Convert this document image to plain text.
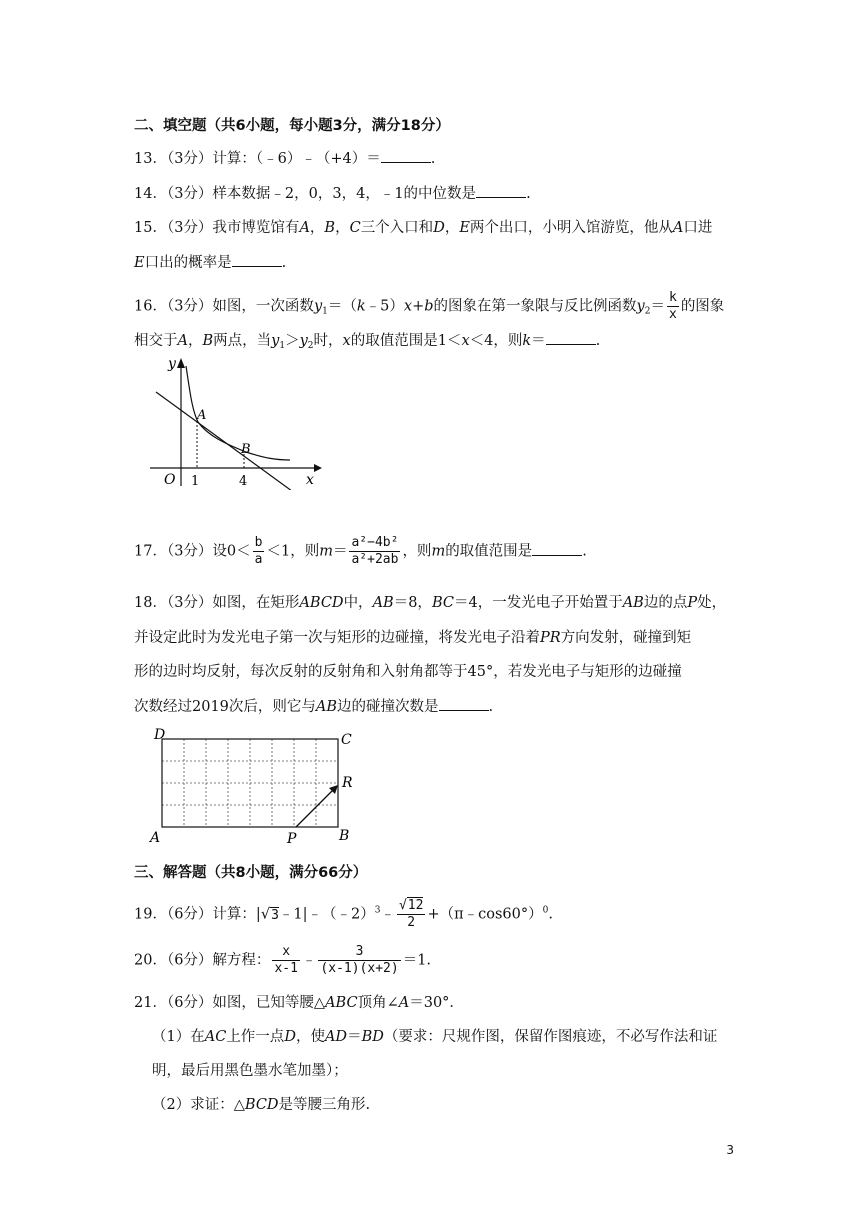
二、填空题（共6小题，每小题3分，满分18分）
13．（3分）计算：（﹣6）﹣（+4）＝	.
14．（3分）样本数据﹣2，0，3，4，﹣1的中位数是	.
15．（3分）我市博览馆有A，B，C三个入口和D，E两个出口，小明入馆游览，他从A口进
E口出的概率是	.
16．（3分）如图，一次函数$y_1=(k﹣5)x+b$的图象在第一象限与反比例函数$y_2= \frac{k}{x}$ 的图象
相交于A，B两点，当$y_1>y_2$时，x的取值范围是1＜x＜4，则k＝	.
y
x
O
A
B
1	4
17．（3分）设$0< \frac{b}{a} <1$，则$m= \frac{\text{a²−4b²}}{\text{a²+2ab}}$ ，则m的取值范围是	.
18．（3分）如图，在矩形ABCD中，AB＝8，BC＝4，一发光电子开始置于AB边的点P处，
并设定此时为发光电子第一次与矩形的边碰撞，将发光电子沿着PR方向发射，碰撞到矩
形的边时均反射，每次反射的反射角和入射角都等于45°，若发光电子与矩形的边碰撞
次数经过2019次后，则它与AB边的碰撞次数是	.
D	C
A	B
P
R
三、解答题（共8小题，满分66分）
19．（6分）计算：|√3﹣1|﹣（﹣2）$^3$﹣ $\frac{√12}{2}$ +（π﹣cos60°）$^0$.
20．（6分）解方程： $\frac{x}{x-1}$ ﹣ $\frac{3}{(x-1)(x+2)} =1$.
21．（6分）如图，已知等腰△ABC顶角∠A＝30°．
（1）在AC上作一点D，使AD＝BD（要求：尺规作图，保留作图痕迹，不必写作法和证
明，最后用黑色墨水笔加墨）；
（2）求证：△BCD是等腰三角形.
3
